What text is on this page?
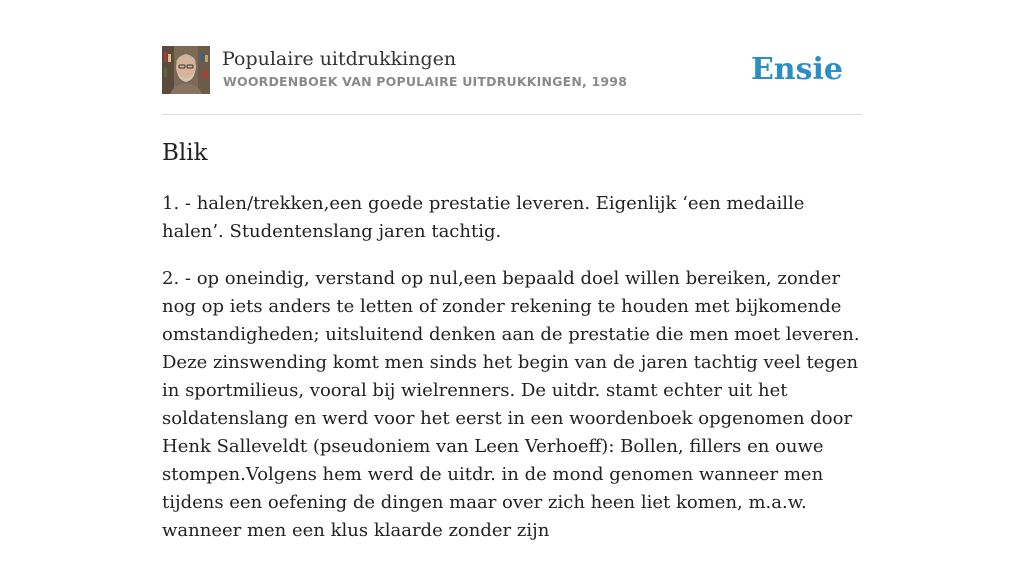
Populaire uitdrukkingen
WOORDENBOEK VAN POPULAIRE UITDRUKKINGEN, 1998	Ensie
Blik

1. - halen/trekken,een goede prestatie leveren. Eigenlijk ‘een medaille halen’. Studentenslang jaren tachtig.

2. - op oneindig, verstand op nul,een bepaald doel willen bereiken, zonder nog op iets anders te letten of zonder rekening te houden met bijkomende omstandigheden; uitsluitend denken aan de prestatie die men moet leveren. Deze zinswending komt men sinds het begin van de jaren tachtig veel tegen in sportmilieus, vooral bij wielrenners. De uitdr. stamt echter uit het soldatenslang en werd voor het eerst in een woordenboek opgenomen door Henk Salleveldt (pseudoniem van Leen Verhoeff): Bollen, fillers en ouwe stompen.Volgens hem werd de uitdr. in de mond genomen wanneer men tijdens een oefening de dingen maar over zich heen liet komen, m.a.w. wanneer men een klus klaarde zonder zijn
